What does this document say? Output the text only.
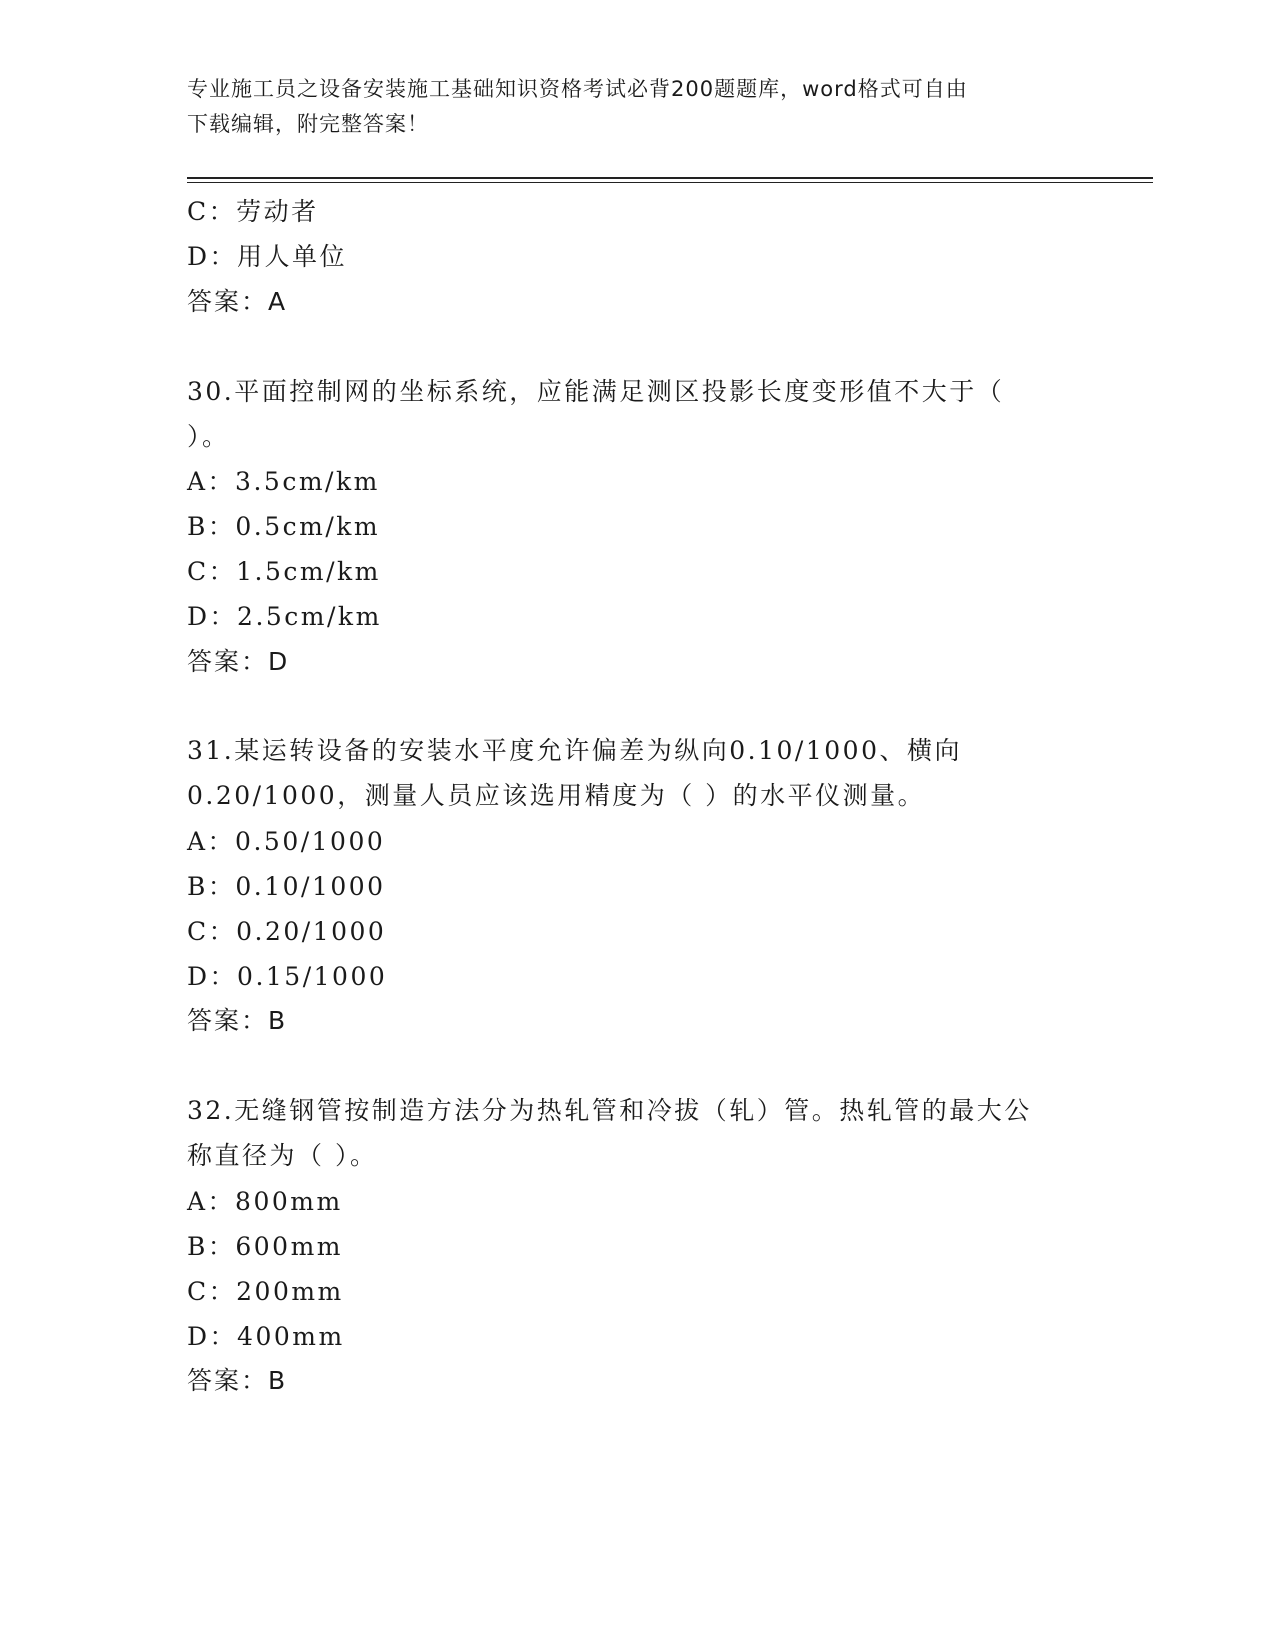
专业施工员之设备安装施工基础知识资格考试必背200题题库，word格式可自由
下载编辑，附完整答案！
C：劳动者
D：用人单位
答案：A
30.平面控制网的坐标系统，应能满足测区投影长度变形值不大于（
）。
A：3.5cm/km
B：0.5cm/km
C：1.5cm/km
D：2.5cm/km
答案：D
31.某运转设备的安装水平度允许偏差为纵向0.10/1000、横向
0.20/1000，测量人员应该选用精度为（ ）的水平仪测量。
A：0.50/1000
B：0.10/1000
C：0.20/1000
D：0.15/1000
答案：B
32.无缝钢管按制造方法分为热轧管和冷拔（轧）管。热轧管的最大公
称直径为（ ）。
A：800mm
B：600mm
C：200mm
D：400mm
答案：B
